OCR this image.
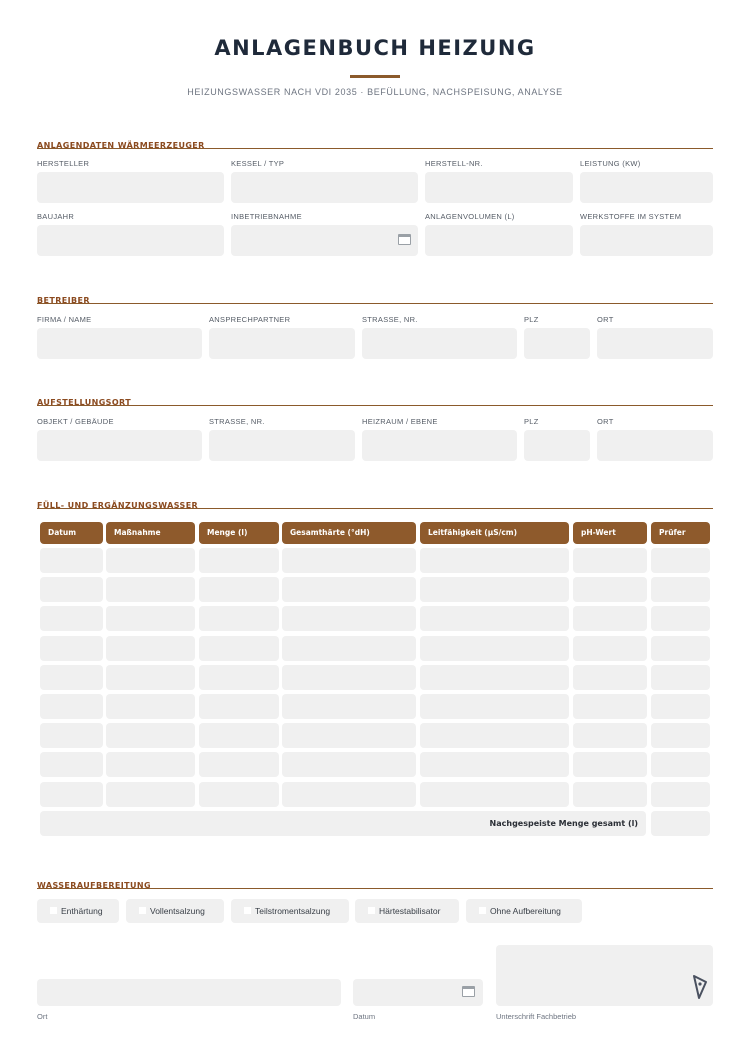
ANLAGENBUCH HEIZUNG
HEIZUNGSWASSER NACH VDI 2035 · BEFÜLLUNG, NACHSPEISUNG, ANALYSE
ANLAGENDATEN WÄRMEERZEUGER
HERSTELLER	KESSEL / TYP	HERSTELL-NR.	LEISTUNG (KW)
BAUJAHR	INBETRIEBNAHME	ANLAGENVOLUMEN (L)	WERKSTOFFE IM SYSTEM
BETREIBER
FIRMA / NAME	ANSPRECHPARTNER	STRASSE, NR.	PLZ	ORT
AUFSTELLUNGSORT
OBJEKT / GEBÄUDE	STRASSE, NR.	HEIZRAUM / EBENE	PLZ	ORT
FÜLL- UND ERGÄNZUNGSWASSER
Datum	Maßnahme	Menge (l)	Gesamthärte (°dH)	Leitfähigkeit (µS/cm)	pH-Wert	Prüfer
Nachgespeiste Menge gesamt (l)
WASSERAUFBEREITUNG
Enthärtung	Vollentsalzung	Teilstromentsalzung	Härtestabilisator	Ohne Aufbereitung
Ort	Datum	Unterschrift Fachbetrieb
